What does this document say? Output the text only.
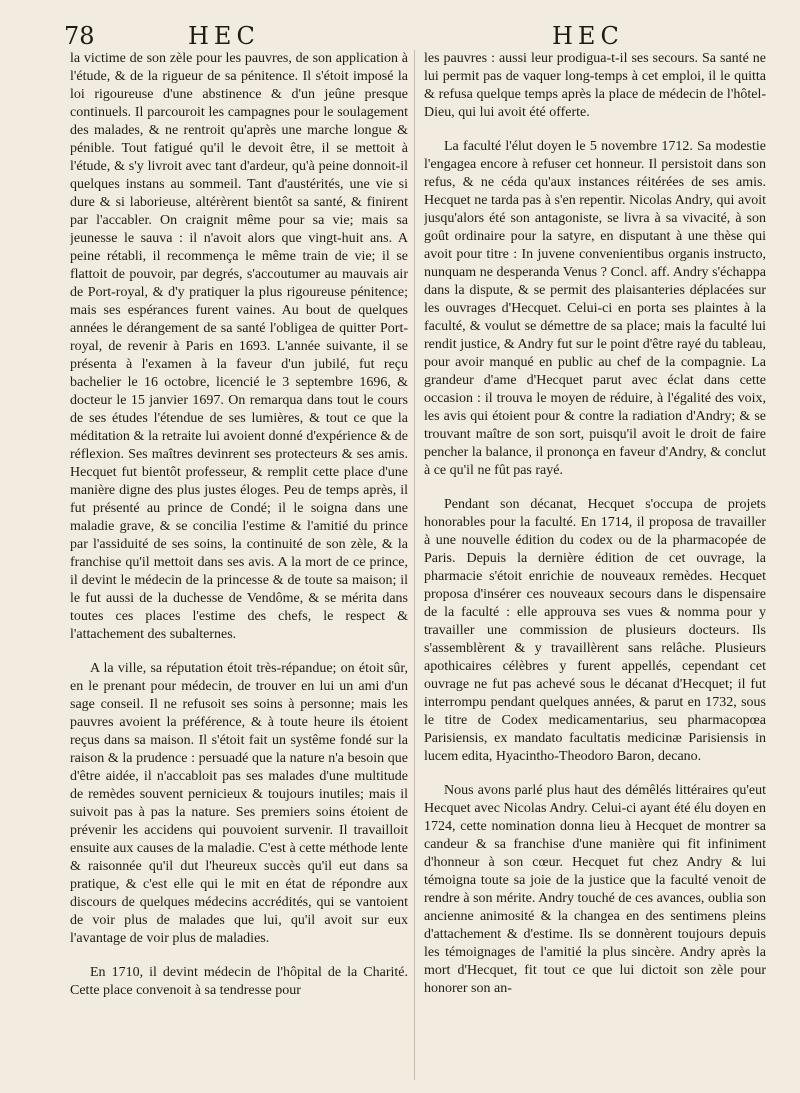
78	HEC	HEC

la victime de son zèle pour les pauvres, de son application à l'étude, & de la rigueur de sa pénitence. Il s'étoit imposé la loi rigoureuse d'une abstinence & d'un jeûne presque continuels. Il parcouroit les campagnes pour le soulagement des malades, & ne rentroit qu'après une marche longue & pénible. Tout fatigué qu'il le devoit être, il se mettoit à l'étude, & s'y livroit avec tant d'ardeur, qu'à peine donnoit-il quelques instans au sommeil. Tant d'austérités, une vie si dure & si laborieuse, altérèrent bientôt sa santé, & finirent par l'accabler. On craignit même pour sa vie; mais sa jeunesse le sauva : il n'avoit alors que vingt-huit ans. A peine rétabli, il recommença le même train de vie; il se flattoit de pouvoir, par degrés, s'accoutumer au mauvais air de Port-royal, & d'y pratiquer la plus rigoureuse pénitence; mais ses espérances furent vaines. Au bout de quelques années le dérangement de sa santé l'obligea de quitter Port-royal, de revenir à Paris en 1693. L'année suivante, il se présenta à l'examen à la faveur d'un jubilé, fut reçu bachelier le 16 octobre, licencié le 3 septembre 1696, & docteur le 15 janvier 1697. On remarqua dans tout le cours de ses études l'étendue de ses lumières, & tout ce que la méditation & la retraite lui avoient donné d'expérience & de réflexion. Ses maîtres devinrent ses protecteurs & ses amis. Hecquet fut bientôt professeur, & remplit cette place d'une manière digne des plus justes éloges. Peu de temps après, il fut présenté au prince de Condé; il le soigna dans une maladie grave, & se concilia l'estime & l'amitié du prince par l'assiduité de ses soins, la continuité de son zèle, & la franchise qu'il mettoit dans ses avis. A la mort de ce prince, il devint le médecin de la princesse & de toute sa maison; il le fut aussi de la duchesse de Vendôme, & se mérita dans toutes ces places l'estime des chefs, le respect & l'attachement des subalternes.

A la ville, sa réputation étoit très-répandue; on étoit sûr, en le prenant pour médecin, de trouver en lui un ami d'un sage conseil. Il ne refusoit ses soins à personne; mais les pauvres avoient la préférence, & à toute heure ils étoient reçus dans sa maison. Il s'étoit fait un systême fondé sur la raison & la prudence : persuadé que la nature n'a besoin que d'être aidée, il n'accabloit pas ses malades d'une multitude de remèdes souvent pernicieux & toujours inutiles; mais il suivoit pas à pas la nature. Ses premiers soins étoient de prévenir les accidens qui pouvoient survenir. Il travailloit ensuite aux causes de la maladie. C'est à cette méthode lente & raisonnée qu'il dut l'heureux succès qu'il eut dans sa pratique, & c'est elle qui le mit en état de répondre aux discours de quelques médecins accrédités, qui se vantoient de voir plus de malades que lui, qu'il avoit sur eux l'avantage de voir plus de maladies.

En 1710, il devint médecin de l'hôpital de la Charité. Cette place convenoit à sa tendresse pour

les pauvres : aussi leur prodigua-t-il ses secours. Sa santé ne lui permit pas de vaquer long-temps à cet emploi, il le quitta & refusa quelque temps après la place de médecin de l'hôtel-Dieu, qui lui avoit été offerte.

La faculté l'élut doyen le 5 novembre 1712. Sa modestie l'engagea encore à refuser cet honneur. Il persistoit dans son refus, & ne céda qu'aux instances réitérées de ses amis. Hecquet ne tarda pas à s'en repentir. Nicolas Andry, qui avoit jusqu'alors été son antagoniste, se livra à sa vivacité, à son goût ordinaire pour la satyre, en disputant à une thèse qui avoit pour titre : In juvene convenientibus organis instructo, nunquam ne desperanda Venus ? Concl. aff. Andry s'échappa dans la dispute, & se permit des plaisanteries déplacées sur les ouvrages d'Hecquet. Celui-ci en porta ses plaintes à la faculté, & voulut se démettre de sa place; mais la faculté lui rendit justice, & Andry fut sur le point d'être rayé du tableau, pour avoir manqué en public au chef de la compagnie. La grandeur d'ame d'Hecquet parut avec éclat dans cette occasion : il trouva le moyen de réduire, à l'égalité des voix, les avis qui étoient pour & contre la radiation d'Andry; & se trouvant maître de son sort, puisqu'il avoit le droit de faire pencher la balance, il prononça en faveur d'Andry, & conclut à ce qu'il ne fût pas rayé.

Pendant son décanat, Hecquet s'occupa de projets honorables pour la faculté. En 1714, il proposa de travailler à une nouvelle édition du codex ou de la pharmacopée de Paris. Depuis la dernière édition de cet ouvrage, la pharmacie s'étoit enrichie de nouveaux remèdes. Hecquet proposa d'insérer ces nouveaux secours dans le dispensaire de la faculté : elle approuva ses vues & nomma pour y travailler une commission de plusieurs docteurs. Ils s'assemblèrent & y travaillèrent sans relâche. Plusieurs apothicaires célèbres y furent appellés, cependant cet ouvrage ne fut pas achevé sous le décanat d'Hecquet; il fut interrompu pendant quelques années, & parut en 1732, sous le titre de Codex medicamentarius, seu pharmacopœa Parisiensis, ex mandato facultatis medicinæ Parisiensis in lucem edita, Hyacintho-Theodoro Baron, decano.

Nous avons parlé plus haut des démêlés littéraires qu'eut Hecquet avec Nicolas Andry. Celui-ci ayant été élu doyen en 1724, cette nomination donna lieu à Hecquet de montrer sa candeur & sa franchise d'une manière qui fit infiniment d'honneur à son cœur. Hecquet fut chez Andry & lui témoigna toute sa joie de la justice que la faculté venoit de rendre à son mérite. Andry touché de ces avances, oublia son ancienne animosité & la changea en des sentimens pleins d'attachement & d'estime. Ils se donnèrent toujours depuis les témoignages de l'amitié la plus sincère. Andry après la mort d'Hecquet, fit tout ce que lui dictoit son zèle pour honorer son an-
